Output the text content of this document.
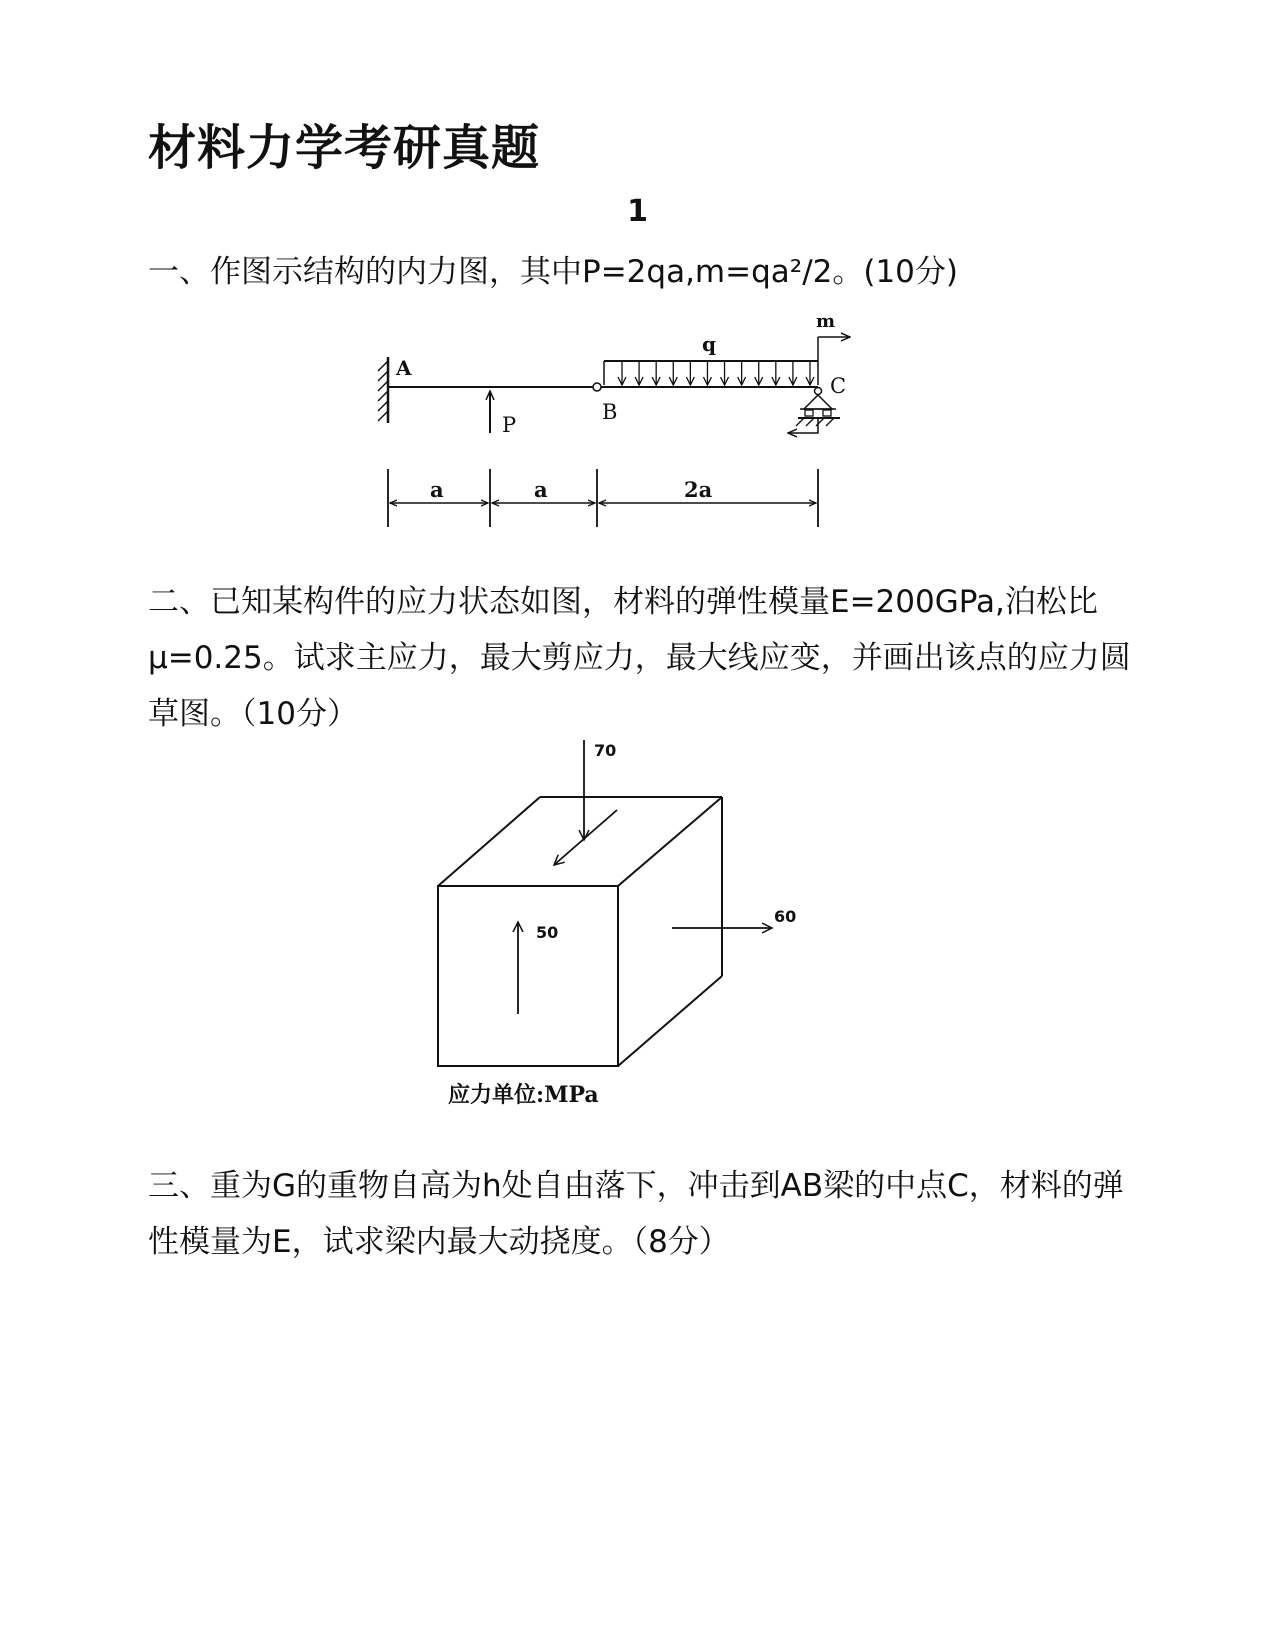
材料力学考研真题
1

一、作图示结构的内力图，其中P=2qa,m=qa²/2。(10分)

A
P
B
q
m
C
a	a	2a

二、已知某构件的应力状态如图，材料的弹性模量E=200GPa,泊松比μ=0.25。试求主应力，最大剪应力，最大线应变，并画出该点的应力圆草图。（10分）

70
50
60
应力单位:MPa

三、重为G的重物自高为h处自由落下，冲击到AB梁的中点C，材料的弹性模量为E，试求梁内最大动挠度。（8分）
